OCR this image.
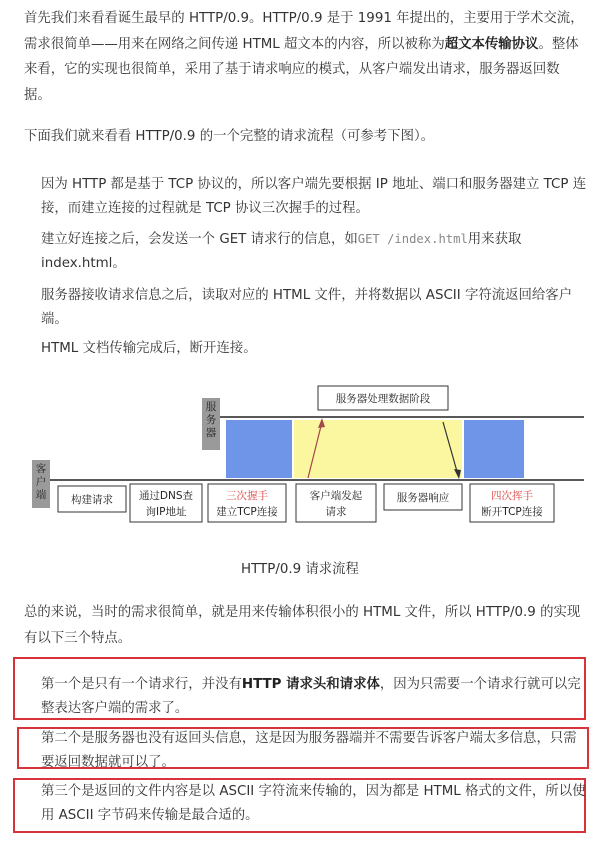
首先我们来看看诞生最早的 HTTP/0.9。HTTP/0.9 是于 1991 年提出的，主要用于学术交流，需求很简单——用来在网络之间传递 HTML 超文本的内容，所以被称为超文本传输协议。整体来看，它的实现也很简单，采用了基于请求响应的模式，从客户端发出请求，服务器返回数据。
下面我们就来看看 HTTP/0.9 的一个完整的请求流程（可参考下图）。
因为 HTTP 都是基于 TCP 协议的，所以客户端先要根据 IP 地址、端口和服务器建立 TCP 连接，而建立连接的过程就是 TCP 协议三次握手的过程。
建立好连接之后，会发送一个 GET 请求行的信息，如GET /index.html用来获取 index.html。
服务器接收请求信息之后，读取对应的 HTML 文件，并将数据以 ASCII 字符流返回给客户端。
HTML 文档传输完成后，断开连接。
服
务
器
服务器处理数据阶段
客
户
端 构建请求 通过DNS查
询IP地址
三次握手
建立TCP连接
客户端发起
请求
服务器响应	四次挥手
断开TCP连接
HTTP/0.9 请求流程
总的来说，当时的需求很简单，就是用来传输体积很小的 HTML 文件，所以 HTTP/0.9 的实现有以下三个特点。
第一个是只有一个请求行，并没有HTTP 请求头和请求体，因为只需要一个请求行就可以完整表达客户端的需求了。
第二个是服务器也没有返回头信息，这是因为服务器端并不需要告诉客户端太多信息，只需要返回数据就可以了。
第三个是返回的文件内容是以 ASCII 字符流来传输的，因为都是 HTML 格式的文件，所以使用 ASCII 字节码来传输是最合适的。
